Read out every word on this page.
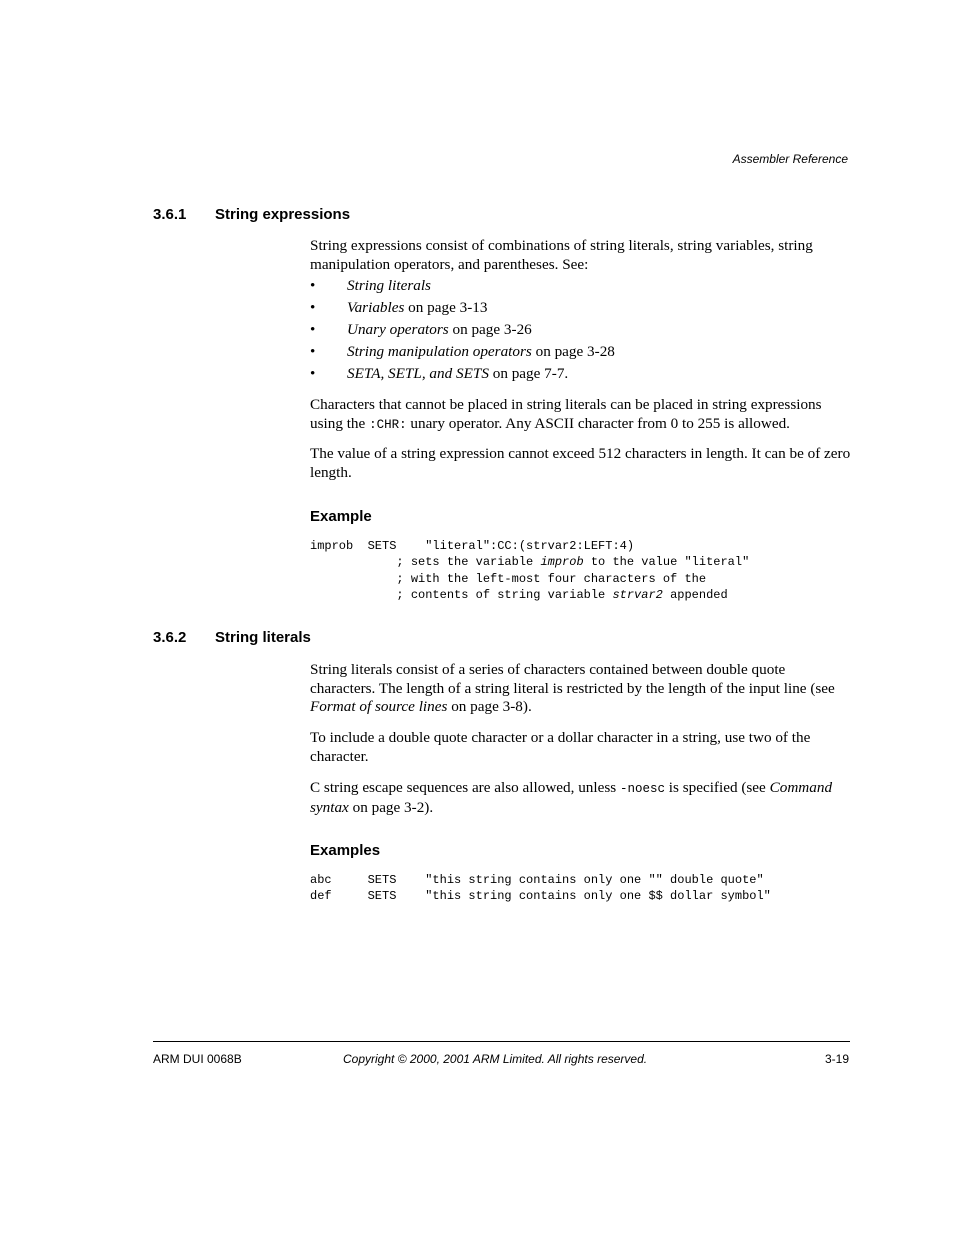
Assembler Reference
3.6.1 String expressions

String expressions consist of combinations of string literals, string variables, string manipulation operators, and parentheses. See:

• String literals
• Variables on page 3-13
• Unary operators on page 3-26
• String manipulation operators on page 3-28
• SETA, SETL, and SETS on page 7-7.

Characters that cannot be placed in string literals can be placed in string expressions using the :CHR: unary operator. Any ASCII character from 0 to 255 is allowed.

The value of a string expression cannot exceed 512 characters in length. It can be of zero length.

Example
improb  SETS    "literal":CC:(strvar2:LEFT:4)
; sets the variable improb to the value "literal"
; with the left-most four characters of the
; contents of string variable strvar2 appended
3.6.2 String literals

String literals consist of a series of characters contained between double quote characters. The length of a string literal is restricted by the length of the input line (see Format of source lines on page 3-8).

To include a double quote character or a dollar character in a string, use two of the character.

C string escape sequences are also allowed, unless -noesc is specified (see Command syntax on page 3-2).

Examples
abc     SETS    "this string contains only one "" double quote"
def     SETS    "this string contains only one $$ dollar symbol"
ARM DUI 0068B	Copyright © 2000, 2001 ARM Limited. All rights reserved.	3-19
